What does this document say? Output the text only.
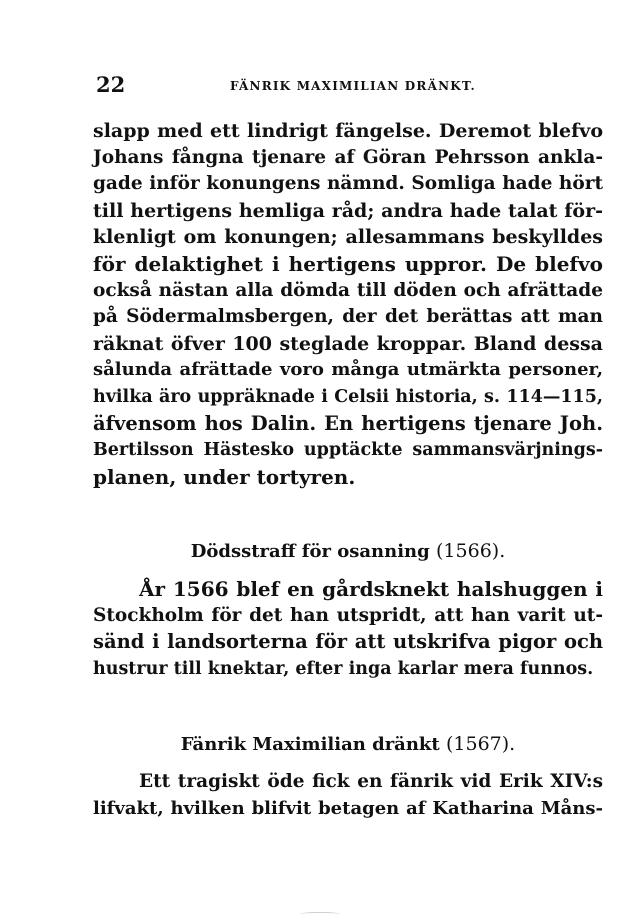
22	FÄNRIK MAXIMILIAN DRÄNKT.
slapp med ett lindrigt fängelse. Deremot blefvo
Johans fångna tjenare af Göran Pehrsson ankla-
gade inför konungens nämnd. Somliga hade hört
till hertigens hemliga råd; andra hade talat för-
klenligt om konungen; allesammans beskylldes
för delaktighet i hertigens uppror. De blefvo
också nästan alla dömda till döden och afrättade
på Södermalmsbergen, der det berättas att man
räknat öfver 100 steglade kroppar. Bland dessa
sålunda afrättade voro många utmärkta personer,
hvilka äro uppräknade i Celsii historia, s. 114—115,
äfvensom hos Dalin. En hertigens tjenare Joh.
Bertilsson Hästesko upptäckte sammansvärjnings-
planen, under tortyren.
Dödsstraff för osanning (1566).
År 1566 blef en gårdsknekt halshuggen i
Stockholm för det han utspridt, att han varit ut-
sänd i landsorterna för att utskrifva pigor och
hustrur till knektar, efter inga karlar mera funnos.
Fänrik Maximilian dränkt (1567).
Ett tragiskt öde fick en fänrik vid Erik XIV:s
lifvakt, hvilken blifvit betagen af Katharina Måns-
